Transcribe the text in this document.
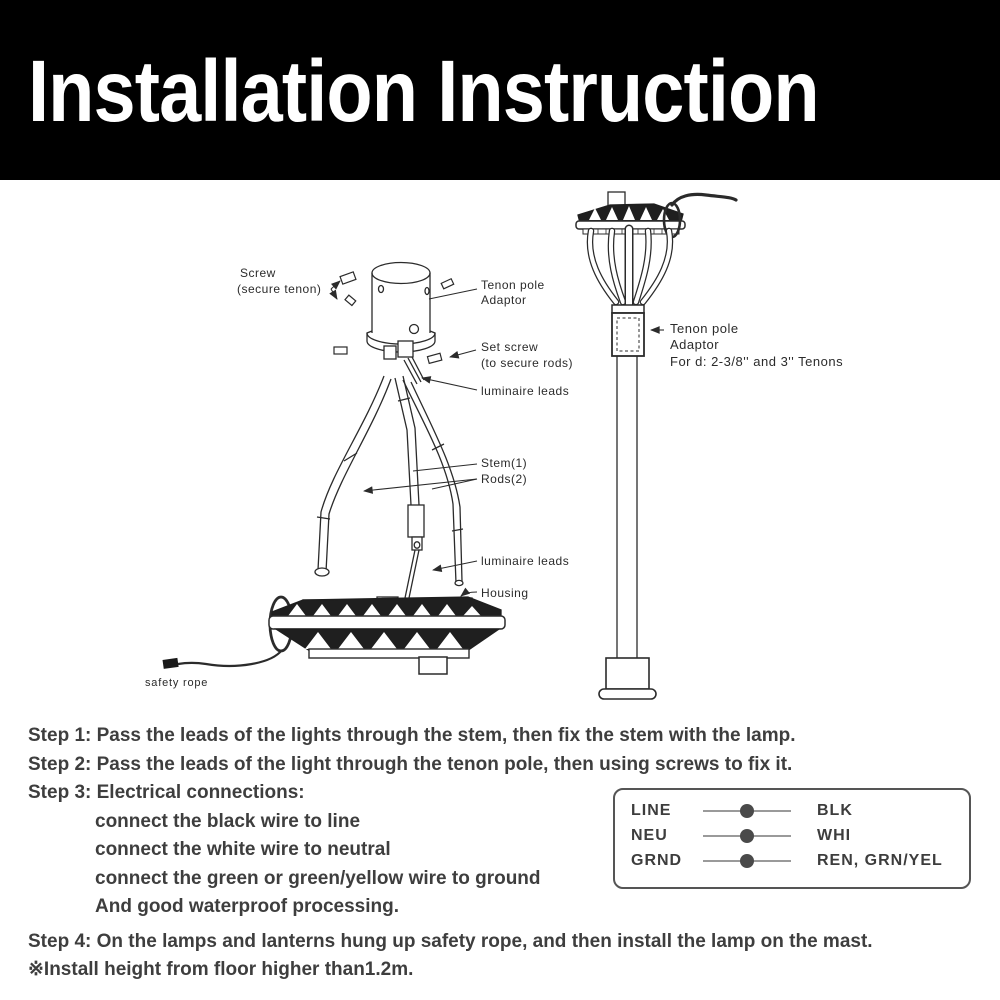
Installation Instruction
Screw
(secure tenon)	Tenon pole
Adaptor
Set screw
(to secure rods)
luminaire leads
Stem(1)
Rods(2)
luminaire leads
Housing
safety rope
Tenon pole
Adaptor
For d: 2-3/8'' and 3'' Tenons
Step 1: Pass the leads of the lights through the stem, then fix the stem with the lamp.
Step 2: Pass the leads of the light through the tenon pole, then using screws to fix it.
Step 3: Electrical connections:
connect the black wire to line
connect the white wire to neutral
connect the green or green/yellow wire to ground
And good waterproof processing.
Step 4: On the lamps and lanterns hung up safety rope, and then install the lamp on the mast.
※Install height from floor higher than1.2m.
LINE	BLK
NEU	WHI
GRND	REN, GRN/YEL
